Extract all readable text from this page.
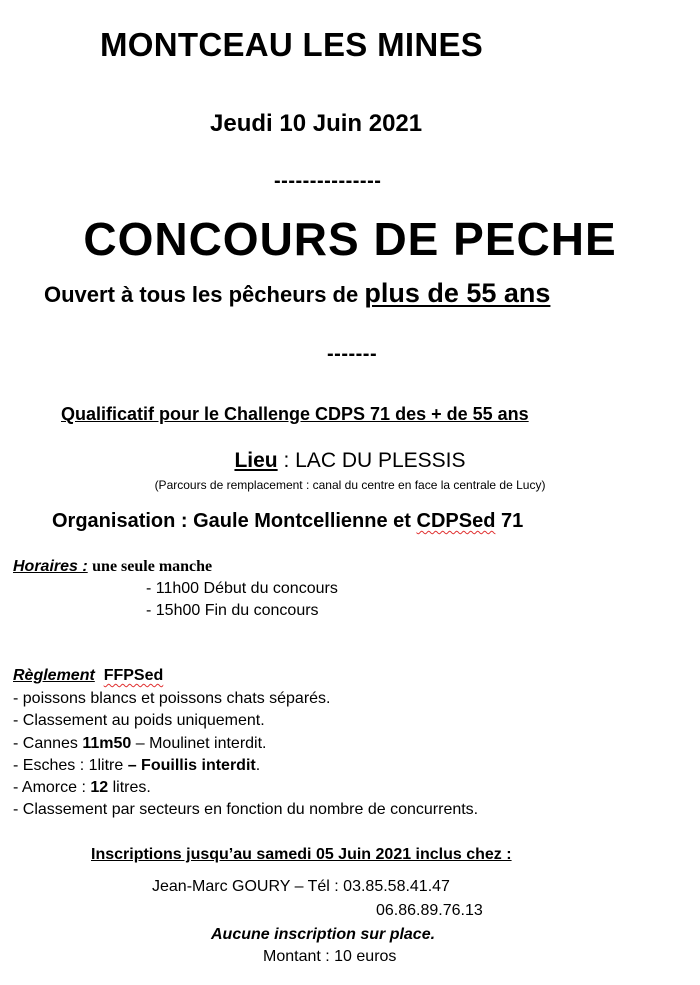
MONTCEAU LES MINES
Jeudi 10 Juin 2021
---------------
CONCOURS DE PECHE
Ouvert à tous les pêcheurs de plus de 55 ans
-------
Qualificatif pour le Challenge CDPS 71 des + de 55 ans
Lieu : LAC DU PLESSIS
(Parcours de remplacement : canal du centre en face la centrale de Lucy)
Organisation : Gaule Montcellienne et CDPSed 71
Horaires : une seule manche
- 11h00 Début du concours
- 15h00 Fin du concours
Règlement FFPSed
- poissons blancs et poissons chats séparés.
- Classement au poids uniquement.
- Cannes 11m50 – Moulinet interdit.
- Esches : 1litre – Fouillis interdit.
- Amorce : 12 litres.
- Classement par secteurs en fonction du nombre de concurrents.
Inscriptions jusqu’au samedi 05 Juin 2021 inclus chez :
Jean-Marc GOURY – Tél : 03.85.58.41.47
06.86.89.76.13
Aucune inscription sur place.
Montant : 10 euros
